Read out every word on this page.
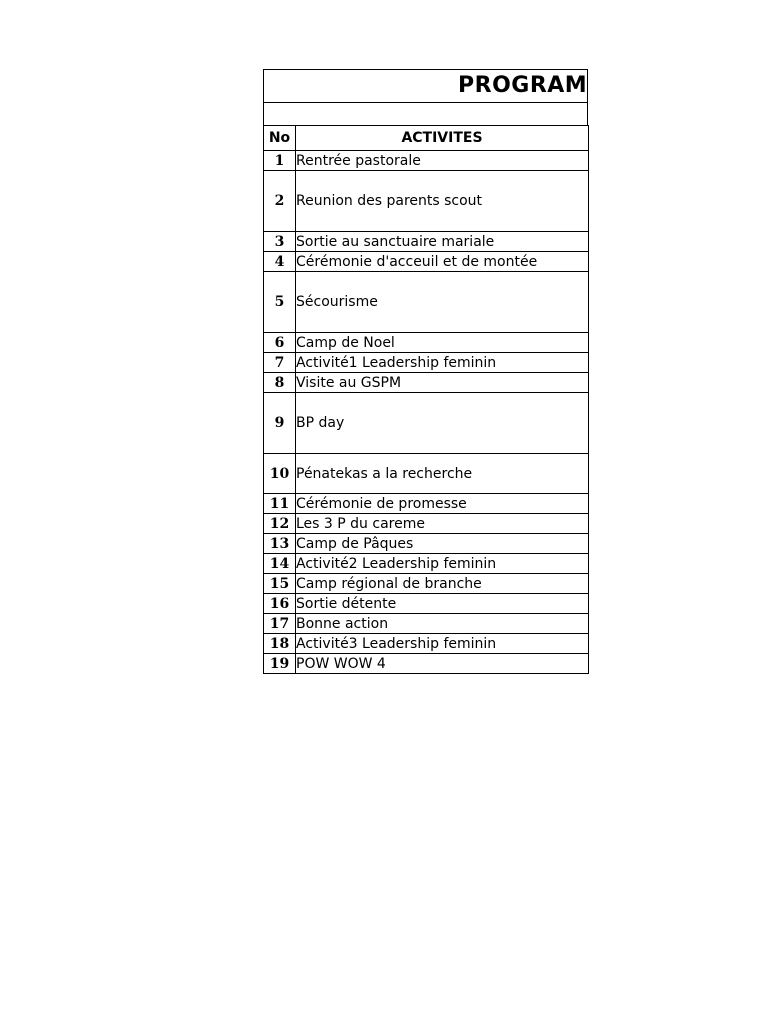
PROGRAM
No	ACTIVITES
1	Rentrée pastorale
2	Reunion des parents scout
3	Sortie au sanctuaire mariale
4	Cérémonie d'acceuil et de montée
5	Sécourisme
6	Camp de Noel
7	Activité1 Leadership feminin
8	Visite au GSPM
9	BP day
10	Pénatekas a la recherche
11	Cérémonie de promesse
12	Les 3 P du careme
13	Camp de Pâques
14	Activité2 Leadership feminin
15	Camp régional de branche
16	Sortie détente
17	Bonne action
18	Activité3 Leadership feminin
19	POW WOW 4
